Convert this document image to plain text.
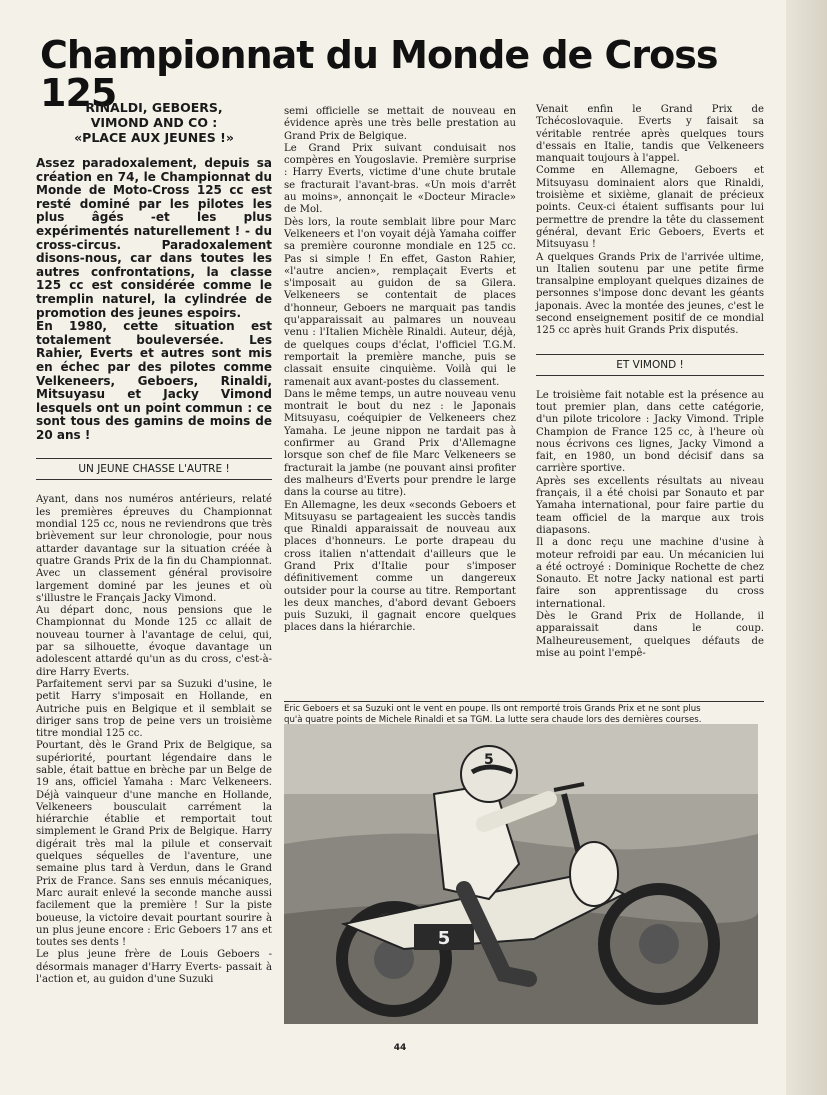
Championnat du Monde de Cross 125
RINALDI, GEBOERS,
VIMOND AND CO :
«PLACE AUX JEUNES !»
Assez paradoxalement, depuis sa création en 74, le Championnat du Monde de Moto-Cross 125 cc est resté dominé par les pilotes les plus âgés -et les plus expérimentés naturellement ! - du cross-circus. Paradoxalement disons-nous, car dans toutes les autres confrontations, la classe 125 cc est considérée comme le tremplin naturel, la cylindrée de promotion des jeunes espoirs.
En 1980, cette situation est totalement bouleversée. Les Rahier, Everts et autres sont mis en échec par des pilotes comme Velkeneers, Geboers, Rinaldi, Mitsuyasu et Jacky Vimond lesquels ont un point commun : ce sont tous des gamins de moins de 20 ans !
UN JEUNE CHASSE L'AUTRE !
Ayant, dans nos numéros antérieurs, relaté les premières épreuves du Championnat mondial 125 cc, nous ne reviendrons que très brièvement sur leur chronologie, pour nous attarder davantage sur la situation créée à quatre Grands Prix de la fin du Championnat. Avec un classement général provisoire largement dominé par les jeunes et où s'illustre le Français Jacky Vimond.
Au départ donc, nous pensions que le Championnat du Monde 125 cc allait de nouveau tourner à l'avantage de celui, qui, par sa silhouette, évoque davantage un adolescent attardé qu'un as du cross, c'est-à-dire Harry Everts.
Parfaitement servi par sa Suzuki d'usine, le petit Harry s'imposait en Hollande, en Autriche puis en Belgique et il semblait se diriger sans trop de peine vers un troisième titre mondial 125 cc.
Pourtant, dès le Grand Prix de Belgique, sa supériorité, pourtant légendaire dans le sable, était battue en brèche par un Belge de 19 ans, officiel Yamaha : Marc Velkeneers. Déjà vainqueur d'une manche en Hollande, Velkeneers bousculait carrément la hiérarchie établie et remportait tout simplement le Grand Prix de Belgique. Harry digérait très mal la pilule et conservait quelques séquelles de l'aventure, une semaine plus tard à Verdun, dans le Grand Prix de France. Sans ses ennuis mécaniques, Marc aurait enlevé la seconde manche aussi facilement que la première ! Sur la piste boueuse, la victoire devait pourtant sourire à un plus jeune encore : Eric Geboers 17 ans et toutes ses dents !
Le plus jeune frère de Louis Geboers -désormais manager d'Harry Everts- passait à l'action et, au guidon d'une Suzuki
semi officielle se mettait de nouveau en évidence après une très belle prestation au Grand Prix de Belgique.
Le Grand Prix suivant conduisait nos compères en Yougoslavie. Première surprise : Harry Everts, victime d'une chute brutale se fracturait l'avant-bras. «Un mois d'arrêt au moins», annonçait le «Docteur Miracle» de Mol.
Dès lors, la route semblait libre pour Marc Velkeneers et l'on voyait déjà Yamaha coiffer sa première couronne mondiale en 125 cc. Pas si simple ! En effet, Gaston Rahier, «l'autre ancien», remplaçait Everts et s'imposait au guidon de sa Gilera. Velkeneers se contentait de places d'honneur, Geboers ne marquait pas tandis qu'apparaissait au palmares un nouveau venu : l'Italien Michèle Rinaldi. Auteur, déjà, de quelques coups d'éclat, l'officiel T.G.M. remportait la première manche, puis se classait ensuite cinquième. Voilà qui le ramenait aux avant-postes du classement.
Dans le même temps, un autre nouveau venu montrait le bout du nez : le Japonais Mitsuyasu, coéquipier de Velkeneers chez Yamaha. Le jeune nippon ne tardait pas à confirmer au Grand Prix d'Allemagne lorsque son chef de file Marc Velkeneers se fracturait la jambe (ne pouvant ainsi profiter des malheurs d'Everts pour prendre le large dans la course au titre).
En Allemagne, les deux «seconds Geboers et Mitsuyasu se partageaient les succès tandis que Rinaldi apparaissait de nouveau aux places d'honneurs. Le porte drapeau du cross italien n'attendait d'ailleurs que le Grand Prix d'Italie pour s'imposer définitivement comme un dangereux outsider pour la course au titre. Remportant les deux manches, d'abord devant Geboers puis Suzuki, il gagnait encore quelques places dans la hiérarchie.
Venait enfin le Grand Prix de Tchécoslovaquie. Everts y faisait sa véritable rentrée après quelques tours d'essais en Italie, tandis que Velkeneers manquait toujours à l'appel.
Comme en Allemagne, Geboers et Mitsuyasu dominaient alors que Rinaldi, troisième et sixième, glanait de précieux points. Ceux-ci étaient suffisants pour lui permettre de prendre la tête du classement général, devant Eric Geboers, Everts et Mitsuyasu !
A quelques Grands Prix de l'arrivée ultime, un Italien soutenu par une petite firme transalpine employant quelques dizaines de personnes s'impose donc devant les géants japonais. Avec la montée des jeunes, c'est le second enseignement positif de ce mondial 125 cc après huit Grands Prix disputés.
ET VIMOND !
Le troisième fait notable est la présence au tout premier plan, dans cette catégorie, d'un pilote tricolore : Jacky Vimond. Triple Champion de France 125 cc, à l'heure où nous écrivons ces lignes, Jacky Vimond a fait, en 1980, un bond décisif dans sa carrière sportive.
Après ses excellents résultats au niveau français, il a été choisi par Sonauto et par Yamaha international, pour faire partie du team officiel de la marque aux trois diapasons.
Il a donc reçu une machine d'usine à moteur refroidi par eau. Un mécanicien lui a été octroyé : Dominique Rochette de chez Sonauto. Et notre Jacky national est parti faire son apprentissage du cross international.
Dès le Grand Prix de Hollande, il apparaissait dans le coup. Malheureusement, quelques défauts de mise au point l'empê-
Eric Geboers et sa Suzuki ont le vent en poupe. Ils ont remporté trois Grands Prix et ne sont plus
qu'à quatre points de Michele Rinaldi et sa TGM. La lutte sera chaude lors des dernières courses.
5
5
44
